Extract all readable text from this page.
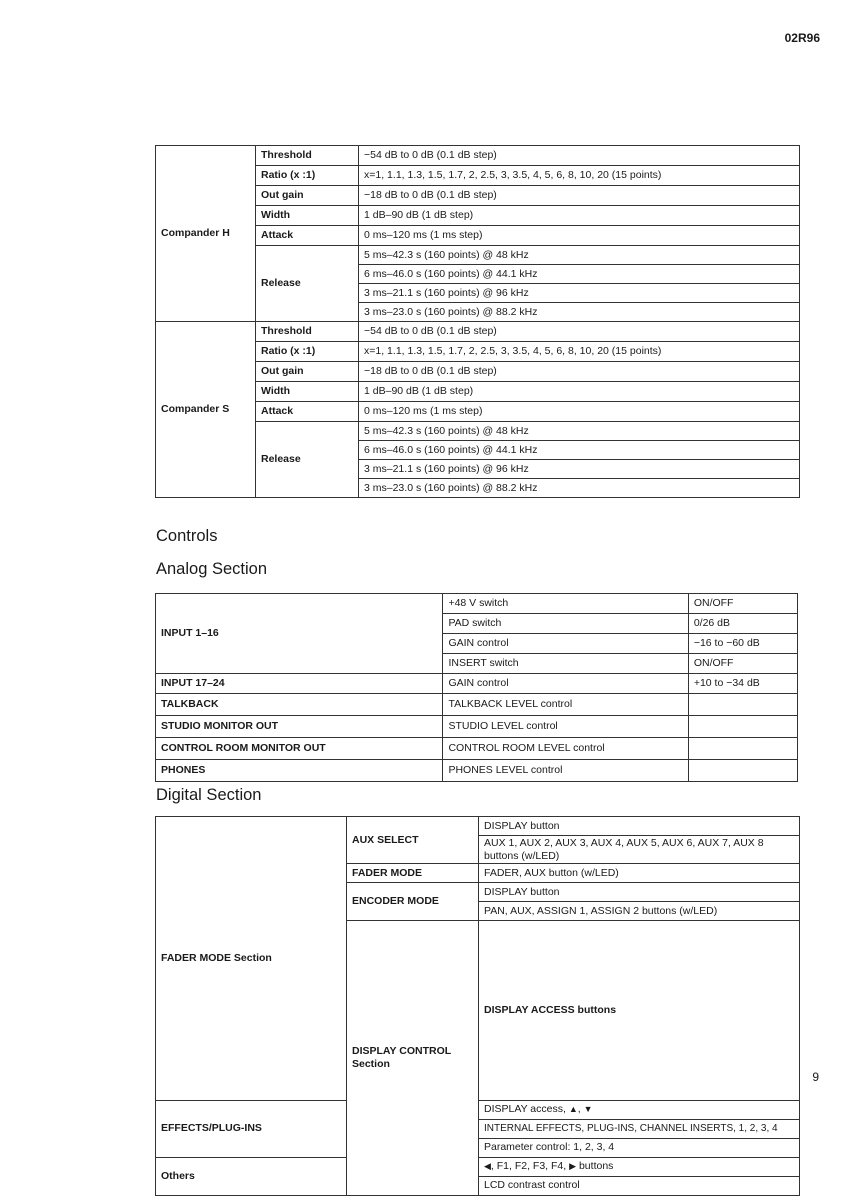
02R96
Compander H	Threshold	−54 dB to 0 dB (0.1 dB step)
	Ratio (x :1)	x=1, 1.1, 1.3, 1.5, 1.7, 2, 2.5, 3, 3.5, 4, 5, 6, 8, 10, 20 (15 points)
	Out gain	−18 dB to 0 dB (0.1 dB step)
	Width	1 dB–90 dB (1 dB step)
	Attack	0 ms–120 ms (1 ms step)
	Release	5 ms–42.3 s (160 points) @ 48 kHz
		6 ms–46.0 s (160 points) @ 44.1 kHz
		3 ms–21.1 s (160 points) @ 96 kHz
		3 ms–23.0 s (160 points) @ 88.2 kHz
Compander S	Threshold	−54 dB to 0 dB (0.1 dB step)
	Ratio (x :1)	x=1, 1.1, 1.3, 1.5, 1.7, 2, 2.5, 3, 3.5, 4, 5, 6, 8, 10, 20 (15 points)
	Out gain	−18 dB to 0 dB (0.1 dB step)
	Width	1 dB–90 dB (1 dB step)
	Attack	0 ms–120 ms (1 ms step)
	Release	5 ms–42.3 s (160 points) @ 48 kHz
		6 ms–46.0 s (160 points) @ 44.1 kHz
		3 ms–21.1 s (160 points) @ 96 kHz
		3 ms–23.0 s (160 points) @ 88.2 kHz
Controls
Analog Section
INPUT 1–16	+48 V switch	ON/OFF
	PAD switch	0/26 dB
	GAIN control	−16 to −60 dB
	INSERT switch	ON/OFF
INPUT 17–24	GAIN control	+10 to −34 dB
TALKBACK	TALKBACK LEVEL control	
STUDIO MONITOR OUT	STUDIO LEVEL control	
CONTROL ROOM MONITOR OUT	CONTROL ROOM LEVEL control	
PHONES	PHONES LEVEL control	
Digital Section
FADER MODE Section	AUX SELECT	DISPLAY button	
		AUX 1, AUX 2, AUX 3, AUX 4, AUX 5, AUX 6, AUX 7, AUX 8 buttons (w/LED)	
	FADER MODE	FADER, AUX button (w/LED)	
	ENCODER MODE	DISPLAY button	
		PAN, AUX, ASSIGN 1, ASSIGN 2 buttons (w/LED)	
	DISPLAY CONTROL Section	DISPLAY ACCESS buttons	
EFFECTS/PLUG-INS		DISPLAY access, ▲, ▼	
		INTERNAL EFFECTS, PLUG-INS, CHANNEL INSERTS, 1, 2, 3, 4	
		Parameter control: 1, 2, 3, 4	
Others		◀, F1, F2, F3, F4, ▶ buttons	
		LCD contrast control	
9
